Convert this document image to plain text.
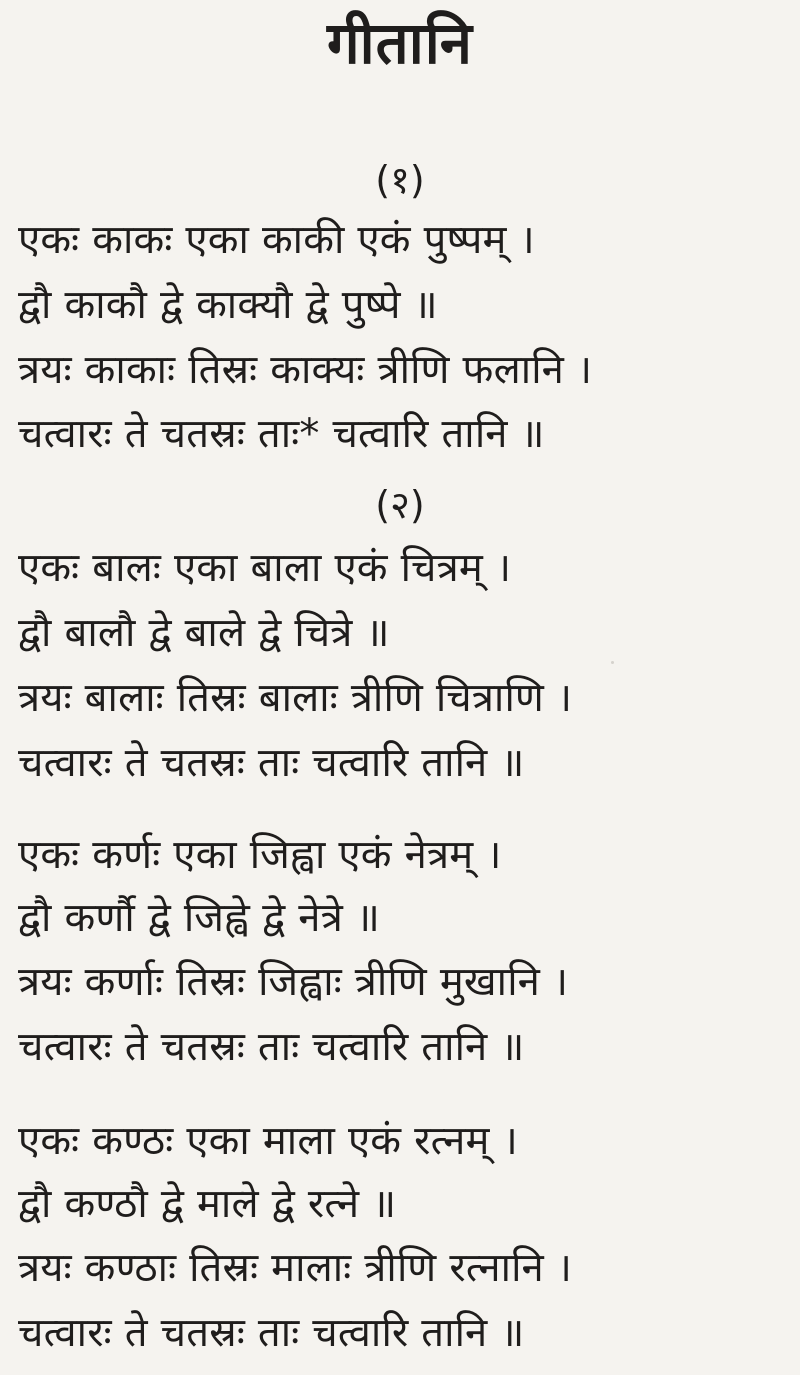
गीतानि
(१)
एकः काकः एका काकी एकं पुष्पम् ।
द्वौ काकौ द्वे काक्यौ द्वे पुष्पे ॥
त्रयः काकाः तिस्रः काक्यः त्रीणि फलानि ।
चत्वारः ते चतस्रः ताः* चत्वारि तानि ॥
(२)
एकः बालः एका बाला एकं चित्रम् ।
द्वौ बालौ द्वे बाले द्वे चित्रे ॥
त्रयः बालाः तिस्रः बालाः त्रीणि चित्राणि ।
चत्वारः ते चतस्रः ताः चत्वारि तानि ॥
एकः कर्णः एका जिह्वा एकं नेत्रम् ।
द्वौ कर्णौ द्वे जिह्वे द्वे नेत्रे ॥
त्रयः कर्णाः तिस्रः जिह्वाः त्रीणि मुखानि ।
चत्वारः ते चतस्रः ताः चत्वारि तानि ॥
एकः कण्ठः एका माला एकं रत्नम् ।
द्वौ कण्ठौ द्वे माले द्वे रत्ने ॥
त्रयः कण्ठाः तिस्रः मालाः त्रीणि रत्नानि ।
चत्वारः ते चतस्रः ताः चत्वारि तानि ॥
